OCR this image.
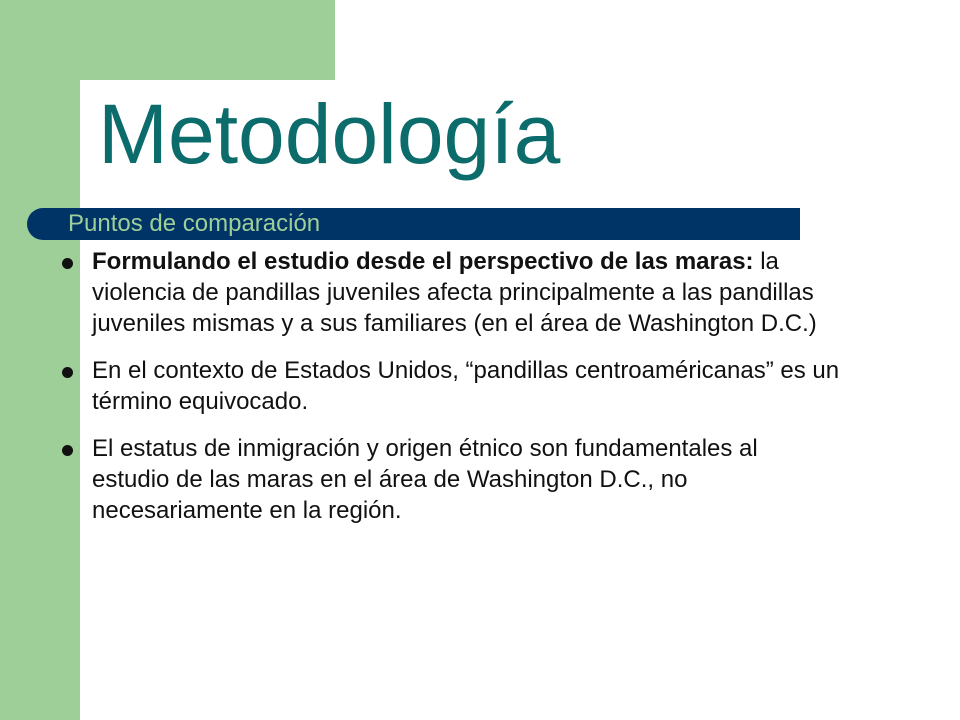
Metodología
Puntos de comparación
Formulando el estudio desde el perspectivo de las maras: la violencia de pandillas juveniles afecta principalmente a las pandillas juveniles mismas y a sus familiares (en el área de Washington D.C.)
En el contexto de Estados Unidos, “pandillas centroaméricanas” es un término equivocado.
El estatus de inmigración y origen étnico son fundamentales al estudio de las maras en el área de Washington D.C., no necesariamente en la región.
